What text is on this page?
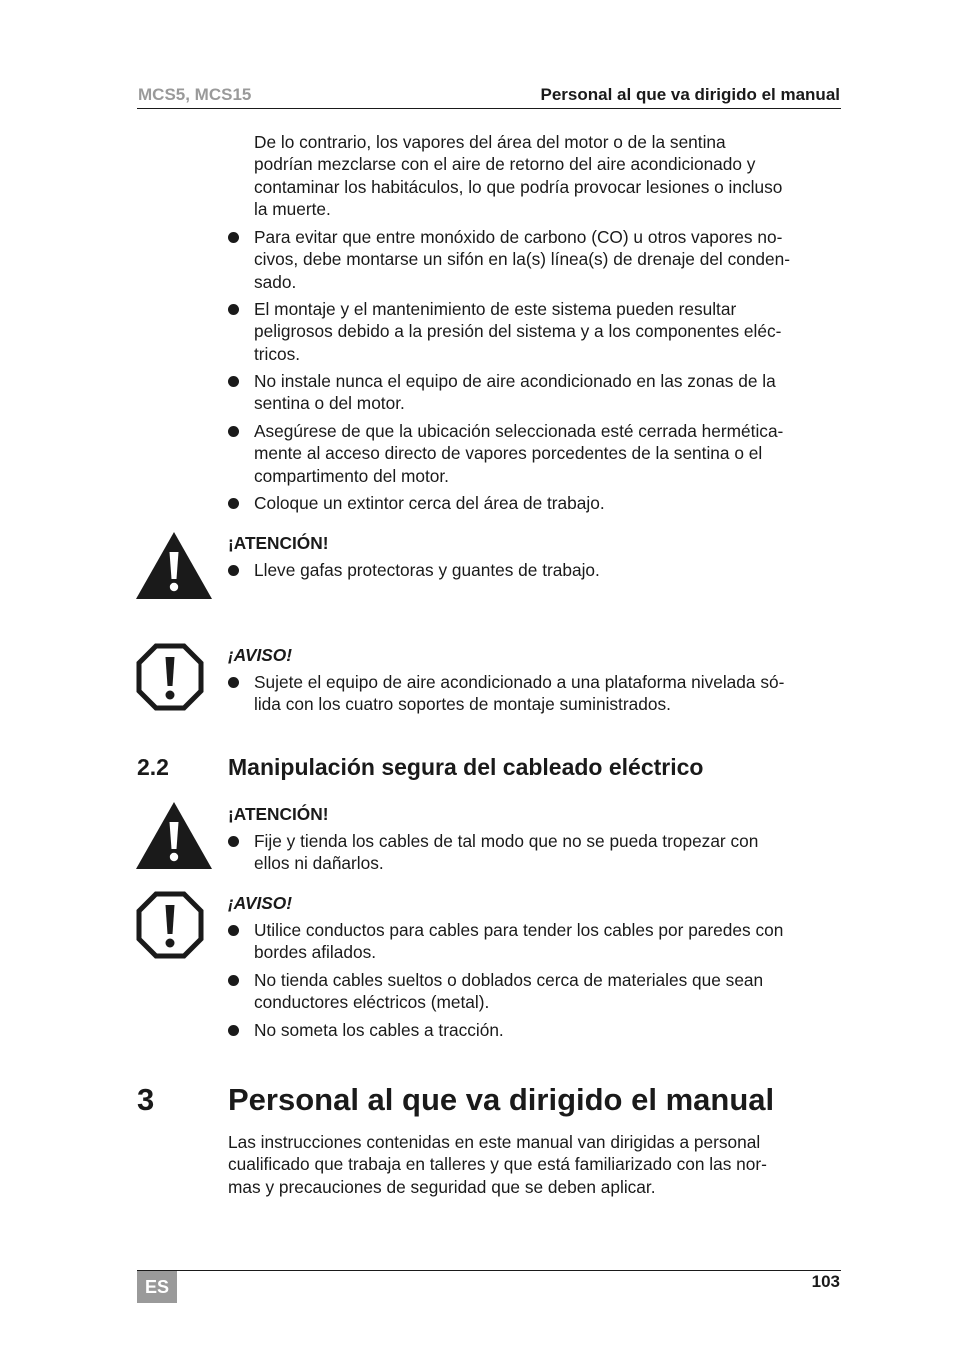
MCS5, MCS15	Personal al que va dirigido el manual
De lo contrario, los vapores del área del motor o de la sentina
podrían mezclarse con el aire de retorno del aire acondicionado y
contaminar los habitáculos, lo que podría provocar lesiones o incluso
la muerte.
Para evitar que entre monóxido de carbono (CO) u otros vapores no-
civos, debe montarse un sifón en la(s) línea(s) de drenaje del conden-
sado.
El montaje y el mantenimiento de este sistema pueden resultar
peligrosos debido a la presión del sistema y a los componentes eléc-
tricos.
No instale nunca el equipo de aire acondicionado en las zonas de la
sentina o del motor.
Asegúrese de que la ubicación seleccionada esté cerrada hermética-
mente al acceso directo de vapores porcedentes de la sentina o el
compartimento del motor.
Coloque un extintor cerca del área de trabajo.
¡ATENCIÓN!
Lleve gafas protectoras y guantes de trabajo.
¡AVISO!
Sujete el equipo de aire acondicionado a una plataforma nivelada só-
lida con los cuatro soportes de montaje suministrados.
2.2	Manipulación segura del cableado eléctrico
¡ATENCIÓN!
Fije y tienda los cables de tal modo que no se pueda tropezar con
ellos ni dañarlos.
¡AVISO!
Utilice conductos para cables para tender los cables por paredes con
bordes afilados.
No tienda cables sueltos o doblados cerca de materiales que sean
conductores eléctricos (metal).
No someta los cables a tracción.
3 Personal al que va dirigido el manual
Las instrucciones contenidas en este manual van dirigidas a personal
cualificado que trabaja en talleres y que está familiarizado con las nor-
mas y precauciones de seguridad que se deben aplicar.
ES	103
